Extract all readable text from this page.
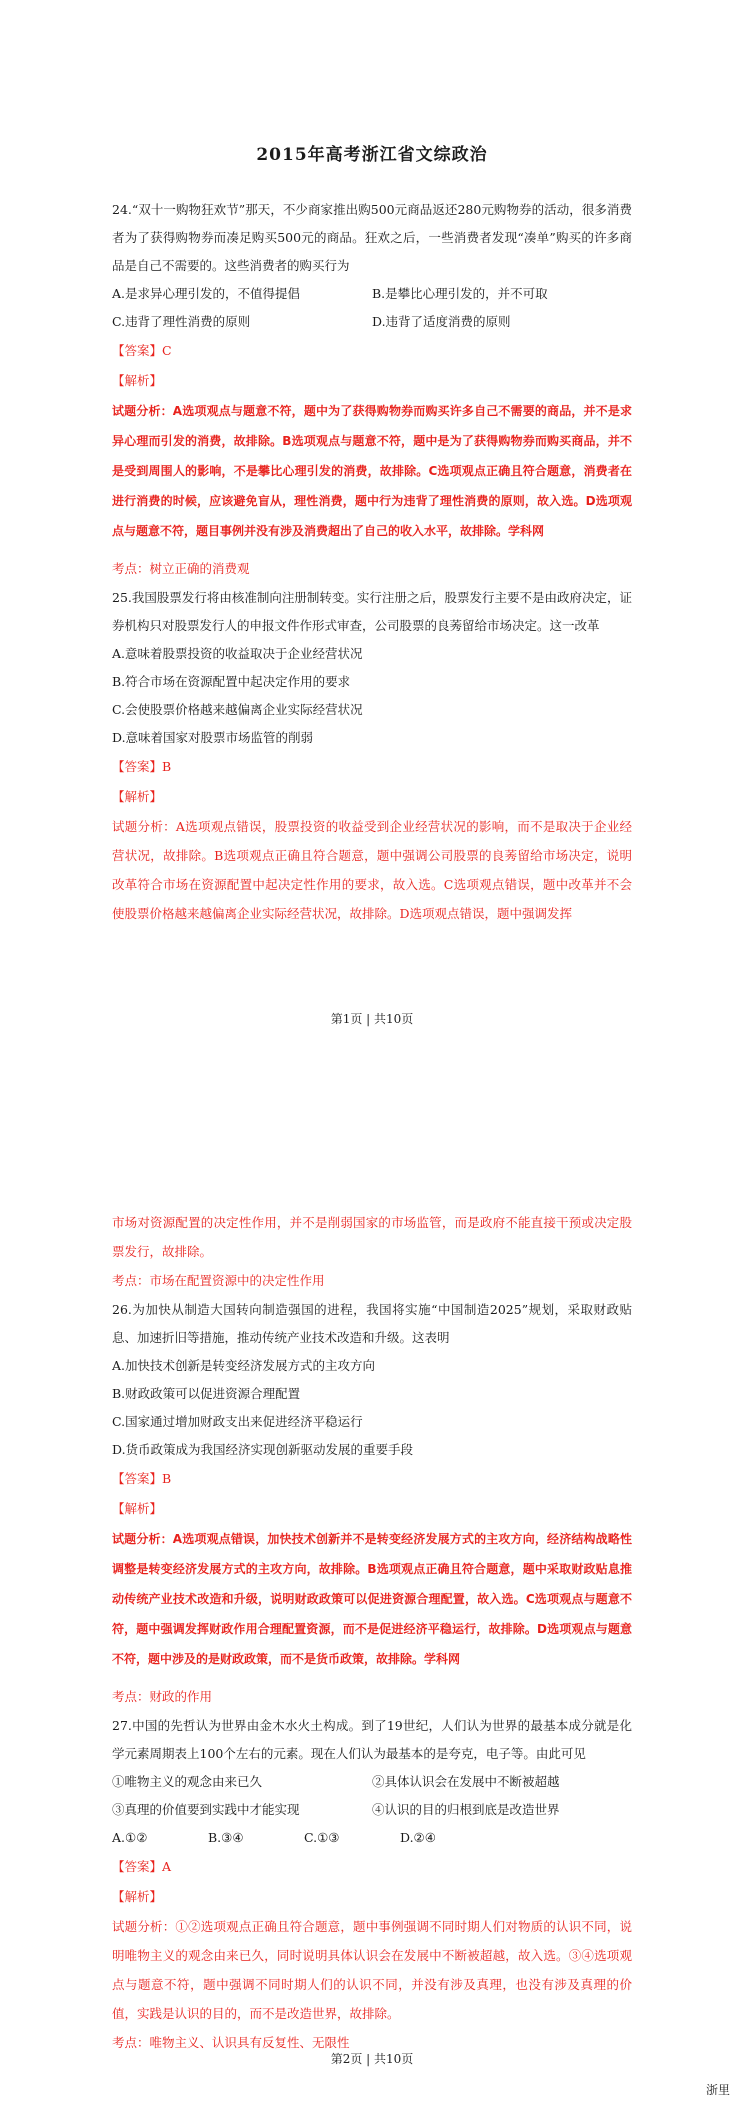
2015年高考浙江省文综政治
24.“双十一购物狂欢节”那天，不少商家推出购500元商品返还280元购物券的活动，很多消费者为了获得购物券而凑足购买500元的商品。狂欢之后，一些消费者发现“凑单”购买的许多商品是自己不需要的。这些消费者的购买行为
A.是求异心理引发的，不值得提倡	B.是攀比心理引发的，并不可取
C.违背了理性消费的原则	D.违背了适度消费的原则
【答案】C
【解析】
试题分析：A选项观点与题意不符，题中为了获得购物券而购买许多自己不需要的商品，并不是求异心理而引发的消费，故排除。B选项观点与题意不符，题中是为了获得购物券而购买商品，并不是受到周围人的影响，不是攀比心理引发的消费，故排除。C选项观点正确且符合题意，消费者在进行消费的时候，应该避免盲从，理性消费，题中行为违背了理性消费的原则，故入选。D选项观点与题意不符，题目事例并没有涉及消费超出了自己的收入水平，故排除。学科网
考点：树立正确的消费观
25.我国股票发行将由核准制向注册制转变。实行注册之后，股票发行主要不是由政府决定，证券机构只对股票发行人的申报文件作形式审查，公司股票的良莠留给市场决定。这一改革
A.意味着股票投资的收益取决于企业经营状况
B.符合市场在资源配置中起决定作用的要求
C.会使股票价格越来越偏离企业实际经营状况
D.意味着国家对股票市场监管的削弱
【答案】B
【解析】
试题分析：A选项观点错误，股票投资的收益受到企业经营状况的影响，而不是取决于企业经营状况，故排除。B选项观点正确且符合题意，题中强调公司股票的良莠留给市场决定，说明改革符合市场在资源配置中起决定性作用的要求，故入选。C选项观点错误，题中改革并不会使股票价格越来越偏离企业实际经营状况，故排除。D选项观点错误，题中强调发挥
第1页 | 共10页
市场对资源配置的决定性作用，并不是削弱国家的市场监管，而是政府不能直接干预或决定股票发行，故排除。
考点：市场在配置资源中的决定性作用
26.为加快从制造大国转向制造强国的进程，我国将实施“中国制造2025”规划，采取财政贴息、加速折旧等措施，推动传统产业技术改造和升级。这表明
A.加快技术创新是转变经济发展方式的主攻方向
B.财政政策可以促进资源合理配置
C.国家通过增加财政支出来促进经济平稳运行
D.货币政策成为我国经济实现创新驱动发展的重要手段
【答案】B
【解析】
试题分析：A选项观点错误，加快技术创新并不是转变经济发展方式的主攻方向，经济结构战略性调整是转变经济发展方式的主攻方向，故排除。B选项观点正确且符合题意，题中采取财政贴息推动传统产业技术改造和升级，说明财政政策可以促进资源合理配置，故入选。C选项观点与题意不符，题中强调发挥财政作用合理配置资源，而不是促进经济平稳运行，故排除。D选项观点与题意不符，题中涉及的是财政政策，而不是货币政策，故排除。学科网
考点：财政的作用
27.中国的先哲认为世界由金木水火土构成。到了19世纪，人们认为世界的最基本成分就是化学元素周期表上100个左右的元素。现在人们认为最基本的是夸克，电子等。由此可见
①唯物主义的观念由来已久	②具体认识会在发展中不断被超越
③真理的价值要到实践中才能实现	④认识的目的归根到底是改造世界
A.①②	B.③④	C.①③	D.②④
【答案】A
【解析】
试题分析：①②选项观点正确且符合题意，题中事例强调不同时期人们对物质的认识不同，说明唯物主义的观念由来已久，同时说明具体认识会在发展中不断被超越，故入选。③④选项观点与题意不符，题中强调不同时期人们的认识不同，并没有涉及真理，也没有涉及真理的价值，实践是认识的目的，而不是改造世界，故排除。
考点：唯物主义、认识具有反复性、无限性
第2页 | 共10页
浙里
